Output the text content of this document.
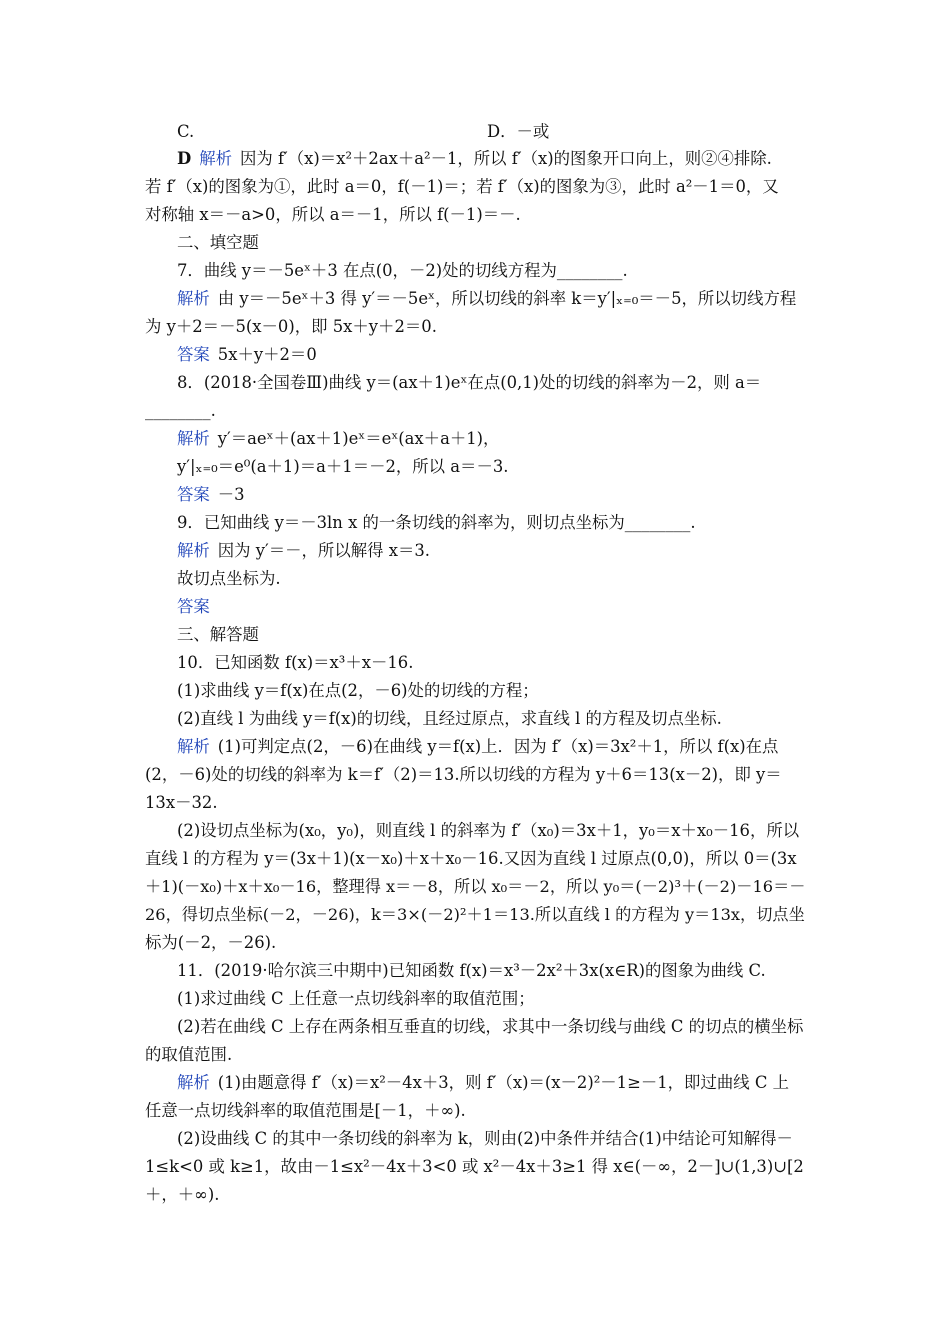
C.	D．－或
D 解析 因为 f′（x)＝x²＋2ax＋a²－1，所以 f′（x)的图象开口向上，则②④排除.
若 f′（x)的图象为①，此时 a＝0，f(－1)＝；若 f′（x)的图象为③，此时 a²－1＝0，又
对称轴 x＝－a>0，所以 a＝－1，所以 f(－1)＝－.
二、填空题
7．曲线 y＝－5eˣ＋3 在点(0，－2)处的切线方程为________.
解析 由 y＝－5eˣ＋3 得 y′＝－5eˣ，所以切线的斜率 k＝y′|ₓ₌₀＝－5，所以切线方程
为 y＋2＝－5(x－0)，即 5x＋y＋2＝0.
答案 5x＋y＋2＝0
8．(2018·全国卷Ⅲ)曲线 y＝(ax＋1)eˣ在点(0,1)处的切线的斜率为－2，则 a＝
________.
解析 y′＝aeˣ＋(ax＋1)eˣ＝eˣ(ax＋a＋1)，
y′|ₓ₌₀＝e⁰(a＋1)＝a＋1＝－2，所以 a＝－3.
答案 －3
9．已知曲线 y＝－3ln x 的一条切线的斜率为，则切点坐标为________.
解析 因为 y′＝－，所以解得 x＝3.
故切点坐标为.
答案
三、解答题
10．已知函数 f(x)＝x³＋x－16.
(1)求曲线 y＝f(x)在点(2，－6)处的切线的方程；
(2)直线 l 为曲线 y＝f(x)的切线，且经过原点，求直线 l 的方程及切点坐标.
解析 (1)可判定点(2，－6)在曲线 y＝f(x)上．因为 f′（x)＝3x²＋1，所以 f(x)在点
(2，－6)处的切线的斜率为 k＝f′（2)＝13.所以切线的方程为 y＋6＝13(x－2)，即 y＝
13x－32.
(2)设切点坐标为(x₀，y₀)，则直线 l 的斜率为 f′（x₀)＝3x＋1，y₀＝x＋x₀－16，所以
直线 l 的方程为 y＝(3x＋1)(x－x₀)＋x＋x₀－16.又因为直线 l 过原点(0,0)，所以 0＝(3x
＋1)(－x₀)＋x＋x₀－16，整理得 x＝－8，所以 x₀＝－2，所以 y₀＝(－2)³＋(－2)－16＝－
26，得切点坐标(－2，－26)，k＝3×(－2)²＋1＝13.所以直线 l 的方程为 y＝13x，切点坐
标为(－2，－26).
11．(2019·哈尔滨三中期中)已知函数 f(x)＝x³－2x²＋3x(x∈R)的图象为曲线 C.
(1)求过曲线 C 上任意一点切线斜率的取值范围；
(2)若在曲线 C 上存在两条相互垂直的切线，求其中一条切线与曲线 C 的切点的横坐标
的取值范围.
解析 (1)由题意得 f′（x)＝x²－4x＋3，则 f′（x)＝(x－2)²－1≥－1，即过曲线 C 上
任意一点切线斜率的取值范围是[－1，＋∞).
(2)设曲线 C 的其中一条切线的斜率为 k，则由(2)中条件并结合(1)中结论可知解得－
1≤k<0 或 k≥1，故由－1≤x²－4x＋3<0 或 x²－4x＋3≥1 得 x∈(－∞，2－]∪(1,3)∪[2
＋，＋∞).
